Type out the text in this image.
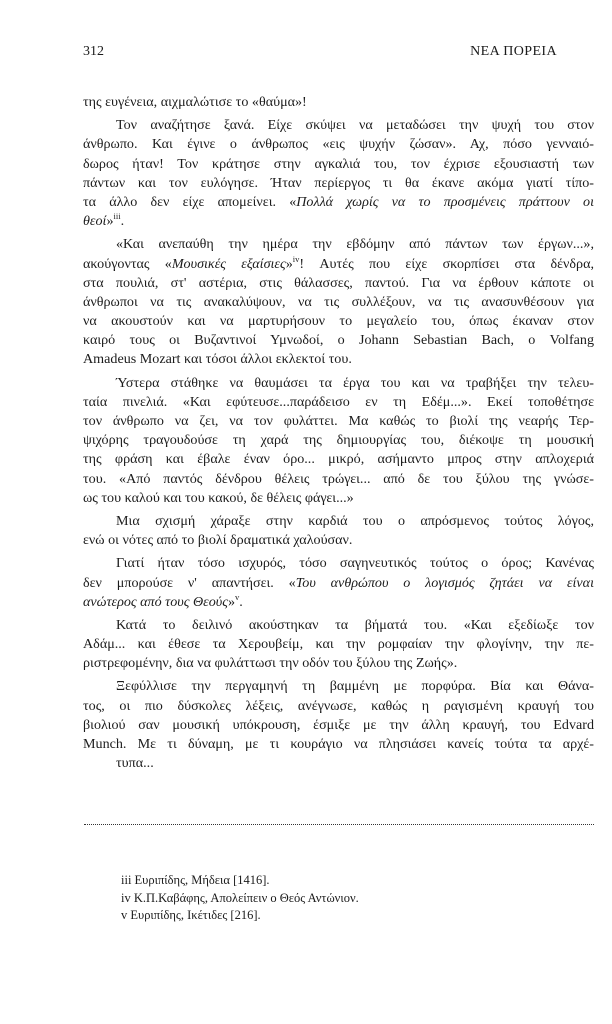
312	ΝΕΑ ΠΟΡΕΙΑ
της ευγένεια, αιχμαλώτισε το «θαύμα»!
Τον αναζήτησε ξανά. Είχε σκύψει να μεταδώσει την ψυχή του στον
άνθρωπο. Και έγινε ο άνθρωπος «εις ψυχήν ζώσαν». Αχ, πόσο γενναιό-
δωρος ήταν! Τον κράτησε στην αγκαλιά του, τον έχρισε εξουσιαστή των
πάντων και τον ευλόγησε. Ήταν περίεργος τι θα έκανε ακόμα γιατί τίπο-
τα άλλο δεν είχε απομείνει. «Πολλά χωρίς να το προσμένεις πράττουν οι
θεοί»$^{iii}$.
«Και ανεπαύθη την ημέρα την εβδόμην από πάντων των έργων...»,
ακούγοντας «Μουσικές εξαίσιες»$^{iv}$! Αυτές που είχε σκορπίσει στα δένδρα,
στα πουλιά, στ' αστέρια, στις θάλασσες, παντού. Για να έρθουν κάποτε οι
άνθρωποι να τις ανακαλύψουν, να τις συλλέξουν, να τις ανασυνθέσουν για
να ακουστούν και να μαρτυρήσουν το μεγαλείο του, όπως έκαναν στον
καιρό τους οι Βυζαντινοί Υμνωδοί, ο Johann Sebastian Bach, ο Volfang
Amadeus Mozart και τόσοι άλλοι εκλεκτοί του.
Ύστερα στάθηκε να θαυμάσει τα έργα του και να τραβήξει την τελευ-
ταία πινελιά. «Και εφύτευσε...παράδεισο εν τη Εδέμ...». Εκεί τοποθέτησε
τον άνθρωπο να ζει, να τον φυλάττει. Μα καθώς το βιολί της νεαρής Τερ-
ψιχόρης τραγουδούσε τη χαρά της δημιουργίας του, διέκοψε τη μουσική
της φράση και έβαλε έναν όρο... μικρό, ασήμαντο μπρος στην απλοχεριά
του. «Από παντός δένδρου θέλεις τρώγει... από δε του ξύλου της γνώσε-
ως του καλού και του κακού, δε θέλεις φάγει...»
Μια σχισμή χάραξε στην καρδιά του ο απρόσμενος τούτος λόγος,
ενώ οι νότες από το βιολί δραματικά χαλούσαν.
Γιατί ήταν τόσο ισχυρός, τόσο σαγηνευτικός τούτος ο όρος; Κανένας
δεν μπορούσε ν' απαντήσει. «Του ανθρώπου ο λογισμός ζητάει να είναι
ανώτερος από τους Θεούς»$^v$.
Κατά το δειλινό ακούστηκαν τα βήματά του. «Και εξεδίωξε τον
Αδάμ... και έθεσε τα Χερουβείμ, και την ρομφαίαν την φλογίνην, την πε-
ριστρεφομένην, δια να φυλάττωσι την οδόν του ξύλου της Ζωής».
Ξεφύλλισε την περγαμηνή τη βαμμένη με πορφύρα. Βία και Θάνα-
τος, οι πιο δύσκολες λέξεις, ανέγνωσε, καθώς η ραγισμένη κραυγή του
βιολιού σαν μουσική υπόκρουση, έσμιξε με την άλλη κραυγή, του Edvard
Munch. Με τι δύναμη, με τι κουράγιο να πλησιάσει κανείς τούτα τα αρχέ-
τυπα...
iii Ευριπίδης, Μήδεια [1416].
iv Κ.Π.Καβάφης, Απολείπειν ο Θεός Αντώνιον.
v Ευριπίδης, Ικέτιδες [216].
